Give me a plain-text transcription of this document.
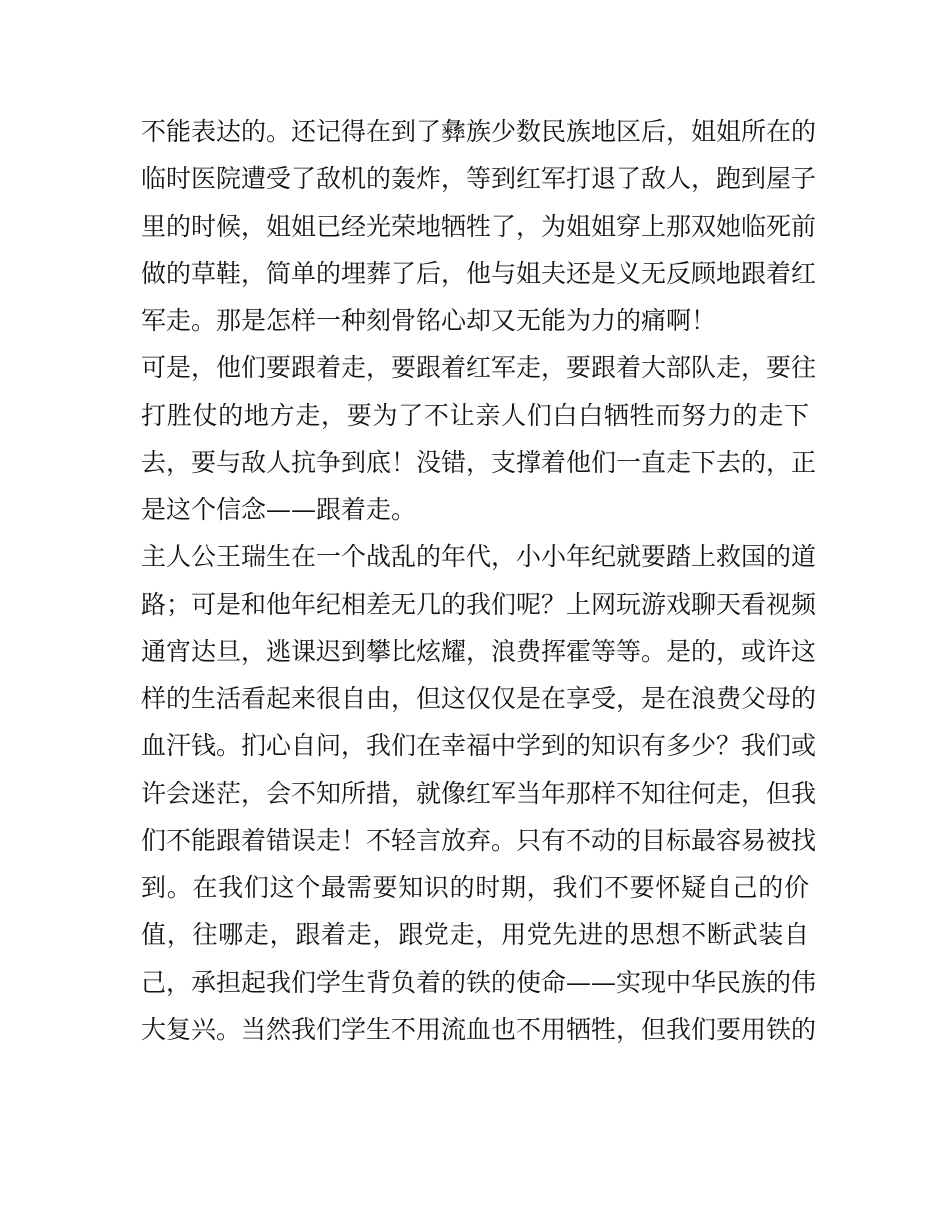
不能表达的。还记得在到了彝族少数民族地区后，姐姐所在的
临时医院遭受了敌机的轰炸，等到红军打退了敌人，跑到屋子
里的时候，姐姐已经光荣地牺牲了，为姐姐穿上那双她临死前
做的草鞋，简单的埋葬了后，他与姐夫还是义无反顾地跟着红
军走。那是怎样一种刻骨铭心却又无能为力的痛啊！
可是，他们要跟着走，要跟着红军走，要跟着大部队走，要往
打胜仗的地方走，要为了不让亲人们白白牺牲而努力的走下
去，要与敌人抗争到底！没错，支撑着他们一直走下去的，正
是这个信念——跟着走。
主人公王瑞生在一个战乱的年代，小小年纪就要踏上救国的道
路；可是和他年纪相差无几的我们呢？上网玩游戏聊天看视频
通宵达旦，逃课迟到攀比炫耀，浪费挥霍等等。是的，或许这
样的生活看起来很自由，但这仅仅是在享受，是在浪费父母的
血汗钱。扪心自问，我们在幸福中学到的知识有多少？我们或
许会迷茫，会不知所措，就像红军当年那样不知往何走，但我
们不能跟着错误走！不轻言放弃。只有不动的目标最容易被找
到。在我们这个最需要知识的时期，我们不要怀疑自己的价
值，往哪走，跟着走，跟党走，用党先进的思想不断武装自
己，承担起我们学生背负着的铁的使命——实现中华民族的伟
大复兴。当然我们学生不用流血也不用牺牲，但我们要用铁的
